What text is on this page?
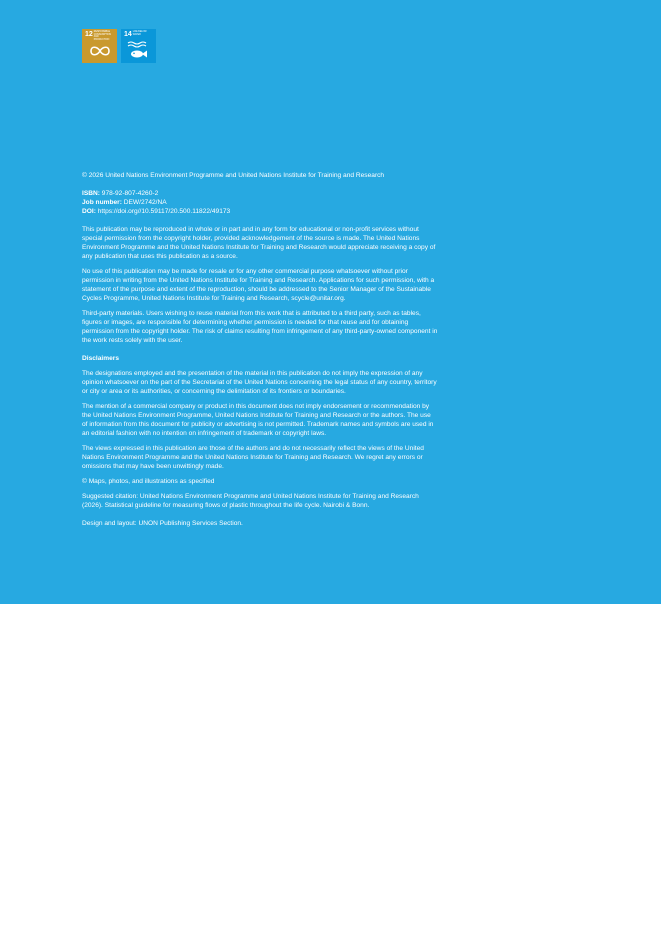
12RESPONSIBLE CONSUMPTION AND PRODUCTION
14LIFE BELOW WATER

© 2026 United Nations Environment Programme and United Nations Institute for Training and Research

ISBN: 978-92-807-4260-2
Job number: DEW/2742/NA
DOI: https://doi.org//10.59117/20.500.11822/49173

This publication may be reproduced in whole or in part and in any form for educational or non-profit services without special permission from the copyright holder, provided acknowledgement of the source is made. The United Nations Environment Programme and the United Nations Institute for Training and Research would appreciate receiving a copy of any publication that uses this publication as a source.

No use of this publication may be made for resale or for any other commercial purpose whatsoever without prior permission in writing from the United Nations Institute for Training and Research. Applications for such permission, with a statement of the purpose and extent of the reproduction, should be addressed to the Senior Manager of the Sustainable Cycles Programme, United Nations Institute for Training and Research, scycle@unitar.org.

Third-party materials. Users wishing to reuse material from this work that is attributed to a third party, such as tables, figures or images, are responsible for determining whether permission is needed for that reuse and for obtaining permission from the copyright holder. The risk of claims resulting from infringement of any third-party-owned component in the work rests solely with the user.

Disclaimers

The designations employed and the presentation of the material in this publication do not imply the expression of any opinion whatsoever on the part of the Secretariat of the United Nations concerning the legal status of any country, territory or city or area or its authorities, or concerning the delimitation of its frontiers or boundaries.

The mention of a commercial company or product in this document does not imply endorsement or recommendation by the United Nations Environment Programme, United Nations Institute for Training and Research or the authors. The use of information from this document for publicity or advertising is not permitted. Trademark names and symbols are used in an editorial fashion with no intention on infringement of trademark or copyright laws.

The views expressed in this publication are those of the authors and do not necessarily reflect the views of the United Nations Environment Programme and the United Nations Institute for Training and Research. We regret any errors or omissions that may have been unwittingly made.

© Maps, photos, and illustrations as specified

Suggested citation: United Nations Environment Programme and United Nations Institute for Training and Research (2026). Statistical guideline for measuring flows of plastic throughout the life cycle. Nairobi & Bonn.

Design and layout: UNON Publishing Services Section.
